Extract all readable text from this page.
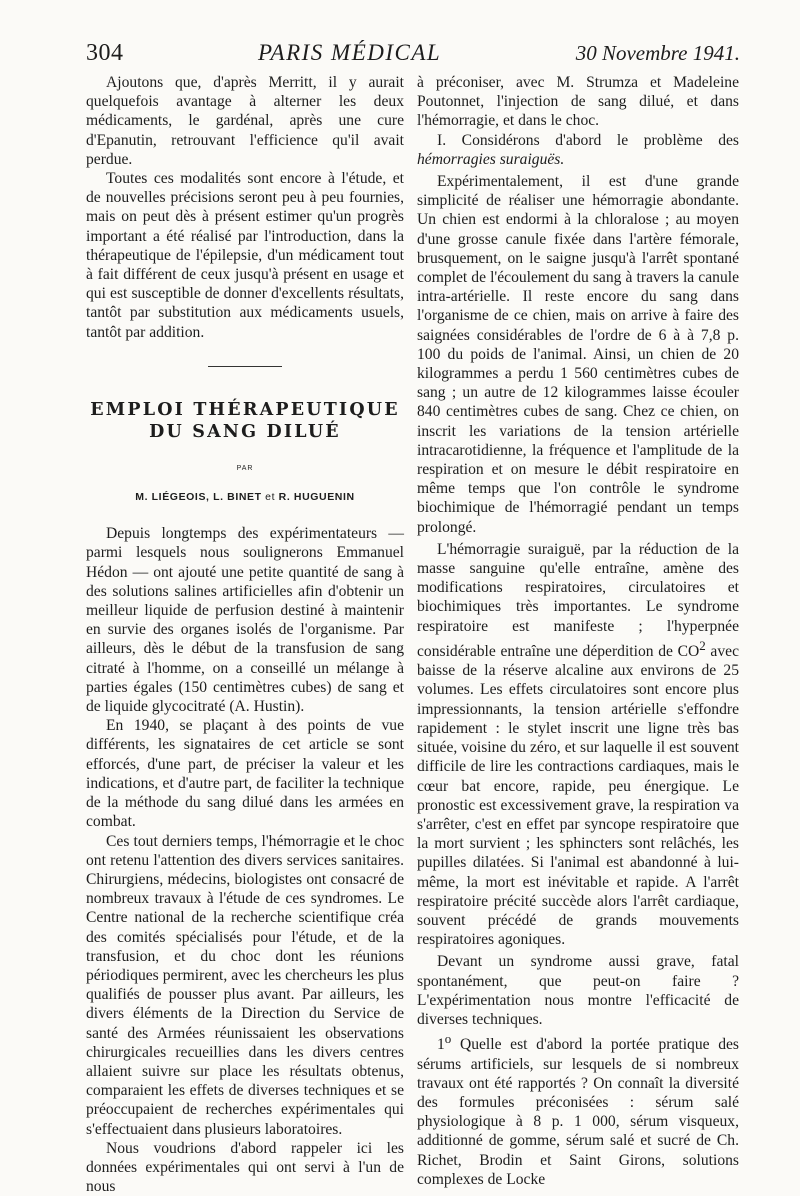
304	PARIS MÉDICAL	30 Novembre 1941.

Ajoutons que, d'après Merritt, il y aurait quelquefois avantage à alterner les deux médicaments, le gardénal, après une cure d'Epanutin, retrouvant l'efficience qu'il avait perdue.

Toutes ces modalités sont encore à l'étude, et de nouvelles précisions seront peu à peu fournies, mais on peut dès à présent estimer qu'un progrès important a été réalisé par l'introduction, dans la thérapeutique de l'épilepsie, d'un médicament tout à fait différent de ceux jusqu'à présent en usage et qui est susceptible de donner d'excellents résultats, tantôt par substitution aux médicaments usuels, tantôt par addition.

EMPLOI THÉRAPEUTIQUE
DU SANG DILUÉ
PAR
M. LIÉGEOIS, L. BINET et R. HUGUENIN

Depuis longtemps des expérimentateurs — parmi lesquels nous soulignerons Emmanuel Hédon — ont ajouté une petite quantité de sang à des solutions salines artificielles afin d'obtenir un meilleur liquide de perfusion destiné à maintenir en survie des organes isolés de l'organisme. Par ailleurs, dès le début de la transfusion de sang citraté à l'homme, on a conseillé un mélange à parties égales (150 centimètres cubes) de sang et de liquide glycocitraté (A. Hustin).

En 1940, se plaçant à des points de vue différents, les signataires de cet article se sont efforcés, d'une part, de préciser la valeur et les indications, et d'autre part, de faciliter la technique de la méthode du sang dilué dans les armées en combat.

Ces tout derniers temps, l'hémorragie et le choc ont retenu l'attention des divers services sanitaires. Chirurgiens, médecins, biologistes ont consacré de nombreux travaux à l'étude de ces syndromes. Le Centre national de la recherche scientifique créa des comités spécialisés pour l'étude, et de la transfusion, et du choc dont les réunions périodiques permirent, avec les chercheurs les plus qualifiés de pousser plus avant. Par ailleurs, les divers éléments de la Direction du Service de santé des Armées réunissaient les observations chirurgicales recueillies dans les divers centres allaient suivre sur place les résultats obtenus, comparaient les effets de diverses techniques et se préoccupaient de recherches expérimentales qui s'effectuaient dans plusieurs laboratoires.

Nous voudrions d'abord rappeler ici les données expérimentales qui ont servi à l'un de nous

à préconiser, avec M. Strumza et Madeleine Poutonnet, l'injection de sang dilué, et dans l'hémorragie, et dans le choc.

I. Considérons d'abord le problème des hémorragies suraiguës.

Expérimentalement, il est d'une grande simplicité de réaliser une hémorragie abondante. Un chien est endormi à la chloralose ; au moyen d'une grosse canule fixée dans l'artère fémorale, brusquement, on le saigne jusqu'à l'arrêt spontané complet de l'écoulement du sang à travers la canule intra-artérielle. Il reste encore du sang dans l'organisme de ce chien, mais on arrive à faire des saignées considérables de l'ordre de 6 à à 7,8 p. 100 du poids de l'animal. Ainsi, un chien de 20 kilogrammes a perdu 1 560 centimètres cubes de sang ; un autre de 12 kilogrammes laisse écouler 840 centimètres cubes de sang. Chez ce chien, on inscrit les variations de la tension artérielle intracarotidienne, la fréquence et l'amplitude de la respiration et on mesure le débit respiratoire en même temps que l'on contrôle le syndrome biochimique de l'hémorragié pendant un temps prolongé.

L'hémorragie suraiguë, par la réduction de la masse sanguine qu'elle entraîne, amène des modifications respiratoires, circulatoires et biochimiques très importantes. Le syndrome respiratoire est manifeste ; l'hyperpnée considérable entraîne une déperdition de $CO^2$ avec baisse de la réserve alcaline aux environs de 25 volumes. Les effets circulatoires sont encore plus impressionnants, la tension artérielle s'effondre rapidement : le stylet inscrit une ligne très bas située, voisine du zéro, et sur laquelle il est souvent difficile de lire les contractions cardiaques, mais le cœur bat encore, rapide, peu énergique. Le pronostic est excessivement grave, la respiration va s'arrêter, c'est en effet par syncope respiratoire que la mort survient ; les sphincters sont relâchés, les pupilles dilatées. Si l'animal est abandonné à lui-même, la mort est inévitable et rapide. A l'arrêt respiratoire précité succède alors l'arrêt cardiaque, souvent précédé de grands mouvements respiratoires agoniques.

Devant un syndrome aussi grave, fatal spontanément, que peut-on faire ? L'expérimentation nous montre l'efficacité de diverses techniques.

1$^o$ Quelle est d'abord la portée pratique des sérums artificiels, sur lesquels de si nombreux travaux ont été rapportés ? On connaît la diversité des formules préconisées : sérum salé physiologique à 8 p. 1 000, sérum visqueux, additionné de gomme, sérum salé et sucré de Ch. Richet, Brodin et Saint Girons, solutions complexes de Locke
